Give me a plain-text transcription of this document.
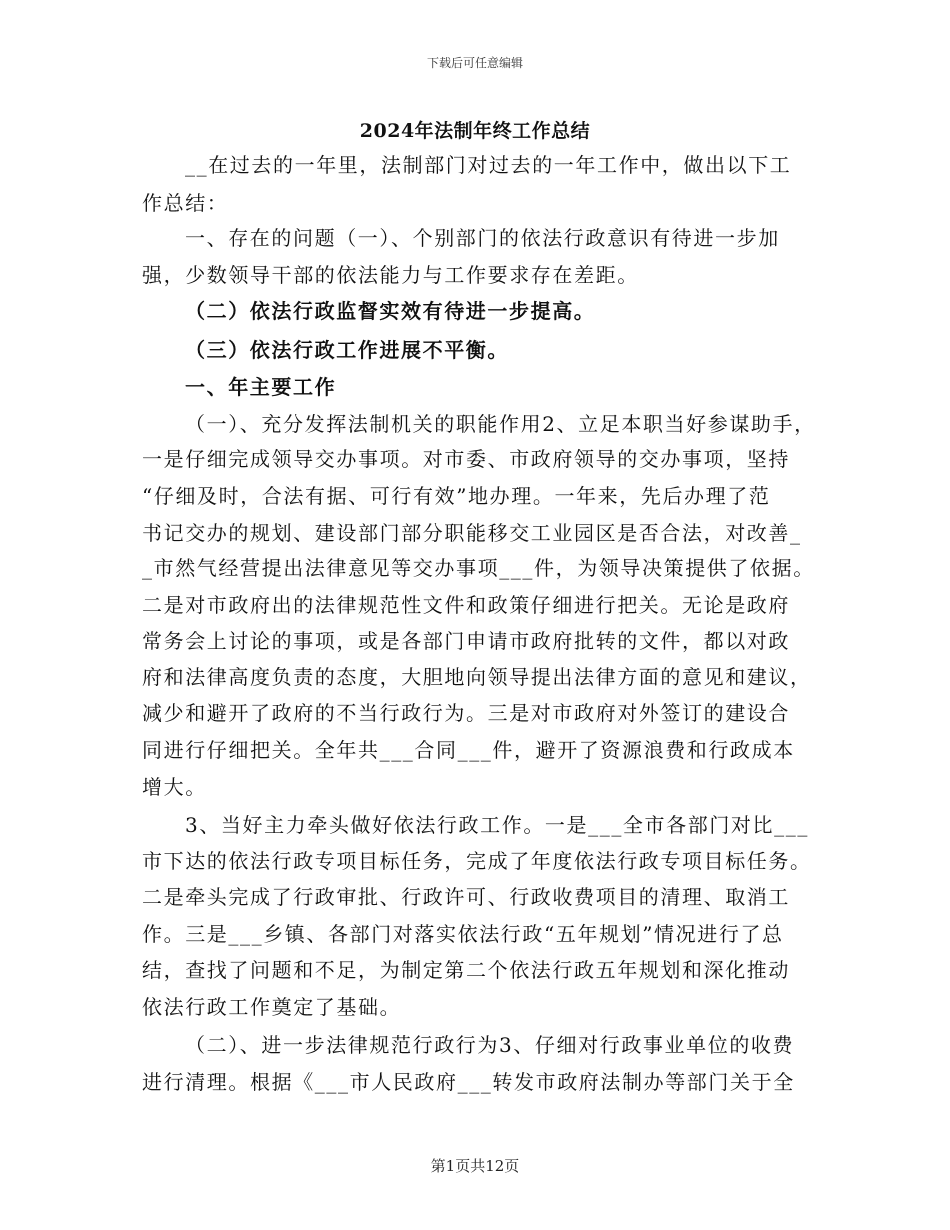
下载后可任意编辑
2024年法制年终工作总结
__在过去的一年里，法制部门对过去的一年工作中，做出以下工
作总结：
一、存在的问题（一）、个别部门的依法行政意识有待进一步加
强，少数领导干部的依法能力与工作要求存在差距。
（二）依法行政监督实效有待进一步提高。
（三）依法行政工作进展不平衡。
一、年主要工作
（一）、充分发挥法制机关的职能作用2、立足本职当好参谋助手，
一是仔细完成领导交办事项。对市委、市政府领导的交办事项，坚持
“仔细及时，合法有据、可行有效”地办理。一年来，先后办理了范
书记交办的规划、建设部门部分职能移交工业园区是否合法，对改善_
_市然气经营提出法律意见等交办事项___件，为领导决策提供了依据。
二是对市政府出的法律规范性文件和政策仔细进行把关。无论是政府
常务会上讨论的事项，或是各部门申请市政府批转的文件，都以对政
府和法律高度负责的态度，大胆地向领导提出法律方面的意见和建议，
减少和避开了政府的不当行政行为。三是对市政府对外签订的建设合
同进行仔细把关。全年共___合同___件，避开了资源浪费和行政成本
增大。
3、当好主力牵头做好依法行政工作。一是___全市各部门对比___
市下达的依法行政专项目标任务，完成了年度依法行政专项目标任务。
二是牵头完成了行政审批、行政许可、行政收费项目的清理、取消工
作。三是___乡镇、各部门对落实依法行政“五年规划”情况进行了总
结，查找了问题和不足，为制定第二个依法行政五年规划和深化推动
依法行政工作奠定了基础。
（二）、进一步法律规范行政行为3、仔细对行政事业单位的收费
进行清理。根据《___市人民政府___转发市政府法制办等部门关于全
第1页共12页
